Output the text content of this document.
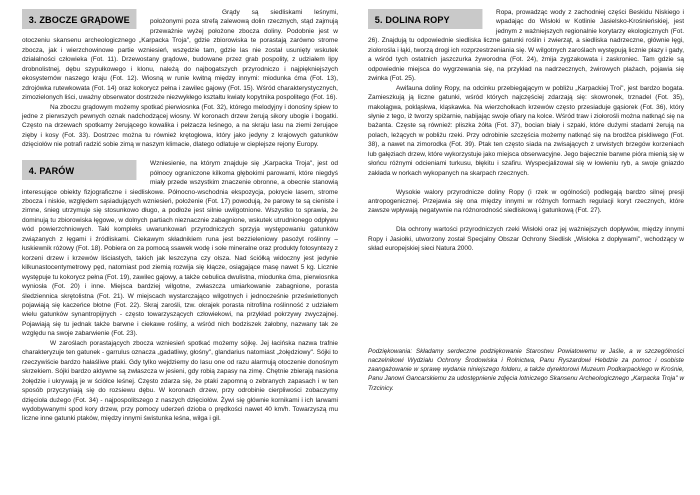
3. ZBOCZE GRĄDOWE

Grądy są siedliskami leśnymi, położonymi poza strefą zalewową dolin rzecznych, stąd zajmują przeważnie wyżej położone zbocza doliny. Podobnie jest w otoczeniu skansenu archeologicznego „Karpacka Troja", gdzie zbiorowiska te porastają zarówno strome zbocza, jak i wierzchowinowe partie wzniesień, wszędzie tam, gdzie las nie został usunięty wskutek działalności człowieka (Fot. 11). Drzewostany grądowe, budowane przez grab pospolity, z udziałem lipy drobnolistnej, dębu szypułkowego i klonu, należą do najbogatszych przyrodniczo i najpiękniejszych ekosystemów naszego kraju (Fot. 12). Wiosną w runie kwitną między innymi: miodunka ćma (Fot. 13), zdrojówka rutewkowata (Fot. 14) oraz kokorycz pełna i zawilec gajowy (Fot. 15). Wśród charakterystycznych, zimozielonych liści, uważny obserwator dostrzeże niezwykłego kształtu kwiaty kopytnika pospolitego (Fot. 16).

Na zboczu grądowym możemy spotkać pierwiosnka (Fot. 32), którego melodyjny i donośny śpiew to jedne z pierwszych pewnych oznak nadchodzącej wiosny. W koronach drzew żerują sikory ubogie i bogatki. Często na drzewach spotkamy żerującego kowalika i pełzacza leśnego, a na skraju lasu na ziemi żerujące zięby i kosy (Fot. 33). Dostrzec można tu również krętogłowa, który jako jedyny z krajowych gatunków dzięciołów nie potrafi radzić sobie zimą w naszym klimacie, dlatego odlatuje w cieplejsze rejony Europy.

4. PARÓW

Wzniesienie, na którym znajduje się „Karpacka Troja", jest od północy ograniczone kilkoma głębokimi parowami, które niegdyś miały przede wszystkim znaczenie obronne, a obecnie stanowią interesujące obiekty fizjograficzne i siedliskowe. Północno-wschodnia ekspozycja, pokrycie lasem, strome zbocza i niskie, względem sąsiadujących wzniesień, położenie (Fot. 17) powodują, że parowy te są cieniste i zimne, śnieg utrzymuje się stosunkowo długo, a podłoże jest silnie uwilgotnione. Wszystko to sprawia, że dominują tu zbiorowiska łęgowe, w dolnych partiach nieznacznie zabagnione, wskutek utrudnionego odpływu wód powierzchniowych. Taki kompleks uwarunkowań przyrodniczych sprzyja występowaniu gatunków związanych z łęgami i źródliskami. Ciekawym składnikiem runa jest bezzieleniowy pasożyt roślinny – łuskiewnik różowy (Fot. 18). Pobiera on za pomocą ssawek wodę i sole mineralne oraz produkty fotosyntezy z korzeni drzew i krzewów liściastych, takich jak leszczyna czy olsza. Nad ściółką widoczny jest jedynie kilkunastocentymetrowy pęd, natomiast pod ziemią rozwija się kłącze, osiągające masę nawet 5 kg. Licznie występuje tu kokorycz pełna (Fot. 19), zawilec gajowy, a także cebulica dwulistna, miodunka ćma, pierwiosnka wyniosła (Fot. 20) i inne. Miejsca bardziej wilgotne, zwłaszcza umiarkowanie zabagnione, porasta śledziennica skrętolistna (Fot. 21). W miejscach wystarczająco wilgotnych i jednocześnie prześwietlonych pojawiają się kaczeńce błotne (Fot. 22). Skraj zarośli, tzw. okrajek porasta nitrofilna roślinność z udziałem wielu gatunków synantropijnych - często towarzyszących człowiekowi, na przykład pokrzywy zwyczajnej. Pojawiają się tu jednak także barwne i ciekawe rośliny, a wśród nich bodziszek żałobny, nazwany tak ze względu na swoje zabarwienie (Fot. 23).

W zaroślach porastających zbocza wzniesień spotkać możemy sójkę. Jej łacińska nazwa trafnie charakteryzuje ten gatunek - garrulus oznacza „gadatliwy, głośny", glandarius natomiast „żołędziowy". Sójki to rzeczywiście bardzo hałaśliwe ptaki. Gdy tylko wejdziemy do lasu one od razu alarmują otoczenie donośnym skrzekiem. Sójki bardzo aktywne są zwłaszcza w jesieni, gdy robią zapasy na zimę. Chętnie zbierają nasiona żołędzie i ukrywają je w ściółce leśnej. Często zdarza się, że ptaki zapomną o zebranych zapasach i w ten sposób przyczyniają się do rozsiewu dębu. W koronach drzew, przy odrobinie cierpliwości zobaczymy dzięcioła dużego (Fot. 34) - najpospolitszego z naszych dzięciołów. Żywi się głównie kornikami i ich larwami wydobywanymi spod kory drzew, przy pomocy uderzeń dzioba o prędkości nawet 40 km/h. Towarzyszą mu liczne inne gatunki ptaków, między innymi świstunka leśna, wilga i gil.

5. DOLINA ROPY

Ropa, prowadząc wody z zachodniej części Beskidu Niskiego i wpadając do Wisłoki w Kotlinie Jasielsko-Krośnieńskiej, jest jednym z ważniejszych regionalnie korytarzy ekologicznych (Fot. 26). Znajdują tu odpowiednie siedliska liczne gatunki roślin i zwierząt, a siedliska nadrzeczne, głównie łęgi, ziołorośla i łąki, tworzą drogi ich rozprzestrzeniania się. W wilgotnych zaroślach występują licznie płazy i gady, a wśród tych ostatnich jaszczurka żyworodna (Fot. 24), żmija zygzakowata i zaskroniec. Tam gdzie są odpowiednie miejsca do wygrzewania się, na przykład na nadrzecznych, żwirowych plażach, pojawia się zwinka (Fot. 25).

Awifauna doliny Ropy, na odcinku przebiegającym w pobliżu „Karpackiej Troi", jest bardzo bogata. Zamieszkują ją liczne gatunki, wśród których najczęściej zdarzają się: skowronek, trznadel (Fot. 35), makolągwa, pokląskwa, kląskawka. Na wierzchołkach krzewów często przesiaduje gąsiorek (Fot. 36), który słynie z tego, iż tworzy spiżarnie, nabijając swoje ofiary na kolce. Wśród traw i ziołorośli można natknąć się na bażanta. Częste są również: pliszka żółta (Fot. 37), bocian biały i szpaki, które dużymi stadami żerują na polach, leżących w pobliżu rzeki. Przy odrobinie szczęścia możemy natknąć się na brodźca piskliwego (Fot. 38), a nawet na zimorodka (Fot. 39). Ptak ten często siada na zwisających z urwistych brzegów korzeniach lub gałęziach drzew, które wykorzystuje jako miejsca obserwacyjne. Jego bajecznie barwne pióra mienią się w słońcu różnymi odcieniami turkusu, błękitu i szafiru. Wyspecjalizował się w łowieniu ryb, a swoje gniazdo zakłada w norkach wykopanych na skarpach rzecznych.

Wysokie walory przyrodnicze doliny Ropy (i rzek w ogólności) podlegają bardzo silnej presji antropogenicznej. Przejawia się ona między innymi w różnych formach regulacji koryt rzecznych, które zawsze wpływają negatywnie na różnorodność siedliskową i gatunkową (Fot. 27).

Dla ochrony wartości przyrodniczych rzeki Wisłoki oraz jej ważniejszych dopływów, między innymi Ropy i Jasiołki, utworzony został Specjalny Obszar Ochrony Siedlisk „Wisłoka z dopływami", wchodzący w skład europejskiej sieci Natura 2000.

Podziękowania: Składamy serdeczne podziękowanie Starostwu Powiatowemu w Jaśle, a w szczególności naczelnikowi Wydziału Ochrony Środowiska i Rolnictwa, Panu Ryszardowi Hebdzie za pomoc i osobiste zaangażowanie w sprawę wydania niniejszego folderu, a także dyrektorowi Muzeum Podkarpackiego w Krośnie, Panu Janowi Gancarskiemu za udostępnienie zdjęcia lotniczego Skansenu Archeologicznego „Karpacka Troja" w Trzcinicy.
